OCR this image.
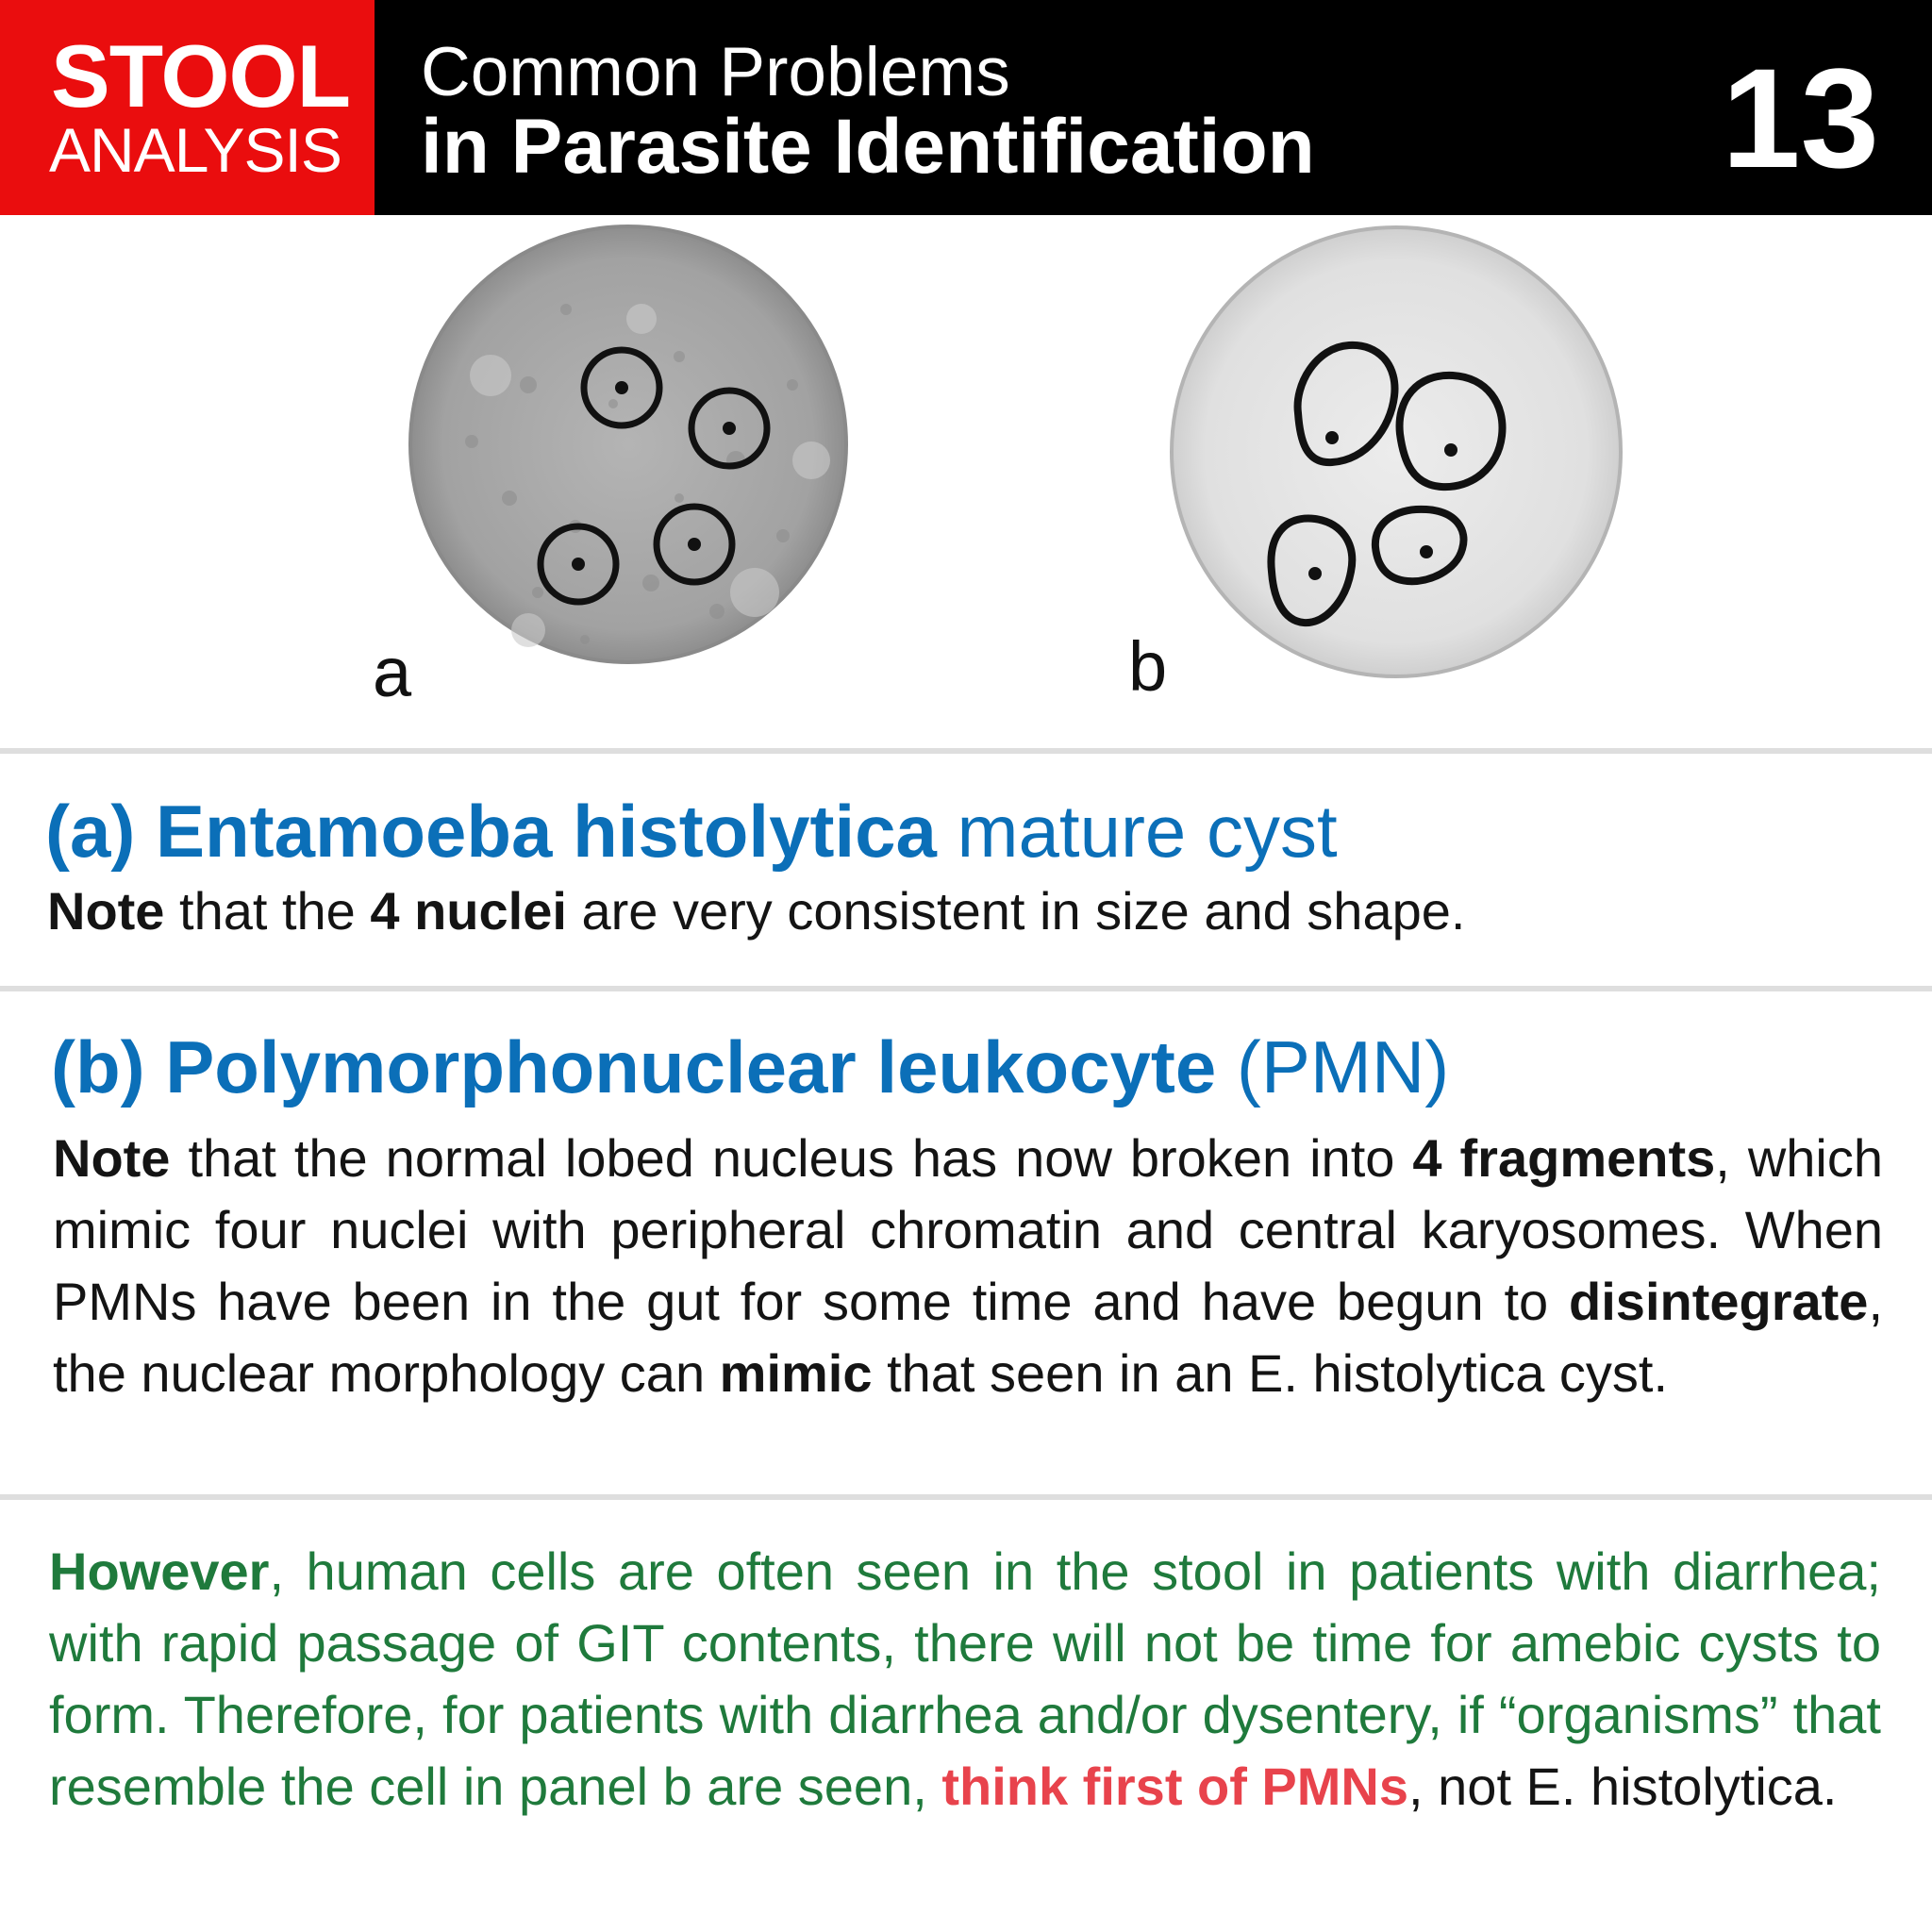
STOOL
ANALYSIS
Common Problems
in Parasite Identification	13
a	b
(a) Entamoeba histolytica mature cyst
Note that the 4 nuclei are very consistent in size and shape.
(b) Polymorphonuclear leukocyte (PMN)
Note that the normal lobed nucleus has now broken into 4 fragments, which mimic four nuclei with peripheral chromatin and central karyosomes. When PMNs have been in the gut for some time and have begun to disintegrate, the nuclear morphology can mimic that seen in an E. histolytica cyst.
However, human cells are often seen in the stool in patients with diarrhea; with rapid passage of GIT contents, there will not be time for amebic cysts to form. Therefore, for patients with diarrhea and/or dysentery, if “organisms” that resemble the cell in panel b are seen, think first of PMNs, not E. histolytica.
